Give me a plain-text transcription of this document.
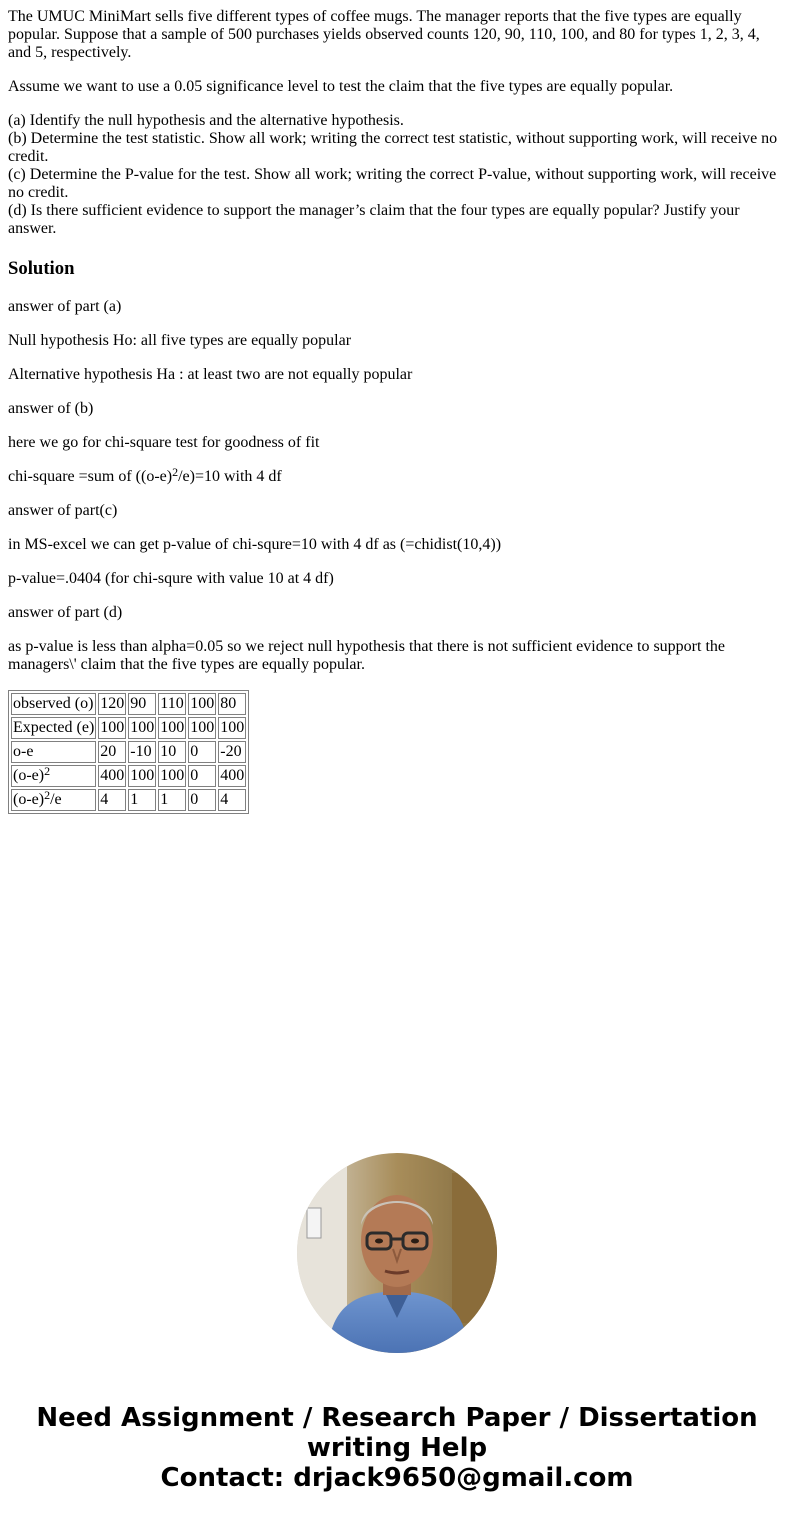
The UMUC MiniMart sells five different types of coffee mugs. The manager reports that the five types are equally popular. Suppose that a sample of 500 purchases yields observed counts 120, 90, 110, 100, and 80 for types 1, 2, 3, 4, and 5, respectively.

Assume we want to use a 0.05 significance level to test the claim that the five types are equally popular.

(a) Identify the null hypothesis and the alternative hypothesis.
(b) Determine the test statistic. Show all work; writing the correct test statistic, without supporting work, will receive no credit.
(c) Determine the P-value for the test. Show all work; writing the correct P-value, without supporting work, will receive no credit.
(d) Is there sufficient evidence to support the manager’s claim that the four types are equally popular? Justify your answer.

Solution

answer of part (a)

Null hypothesis Ho: all five types are equally popular

Alternative hypothesis Ha : at least two are not equally popular

answer of (b)

here we go for chi-square test for goodness of fit

chi-square =sum of $((o-e)^2/e)=10$ with 4 df

answer of part(c)

in MS-excel we can get p-value of chi-squre=10 with 4 df as (=chidist(10,4))

p-value=.0404 (for chi-squre with value 10 at 4 df)

answer of part (d)

as p-value is less than alpha=0.05 so we reject null hypothesis that there is not sufficient evidence to support the managers\' claim that the five types are equally popular.

observed (o)	120	90	110	100	80
Expected (e)	100	100	100	100	100
o-e	20	-10	10	0	-20
$(o-e)^2$	400	100	100	0	400
$(o-e)^2/e$	4	1	1	0	4
Need Assignment / Research Paper / Dissertation
writing Help
Contact: drjack9650@gmail.com
